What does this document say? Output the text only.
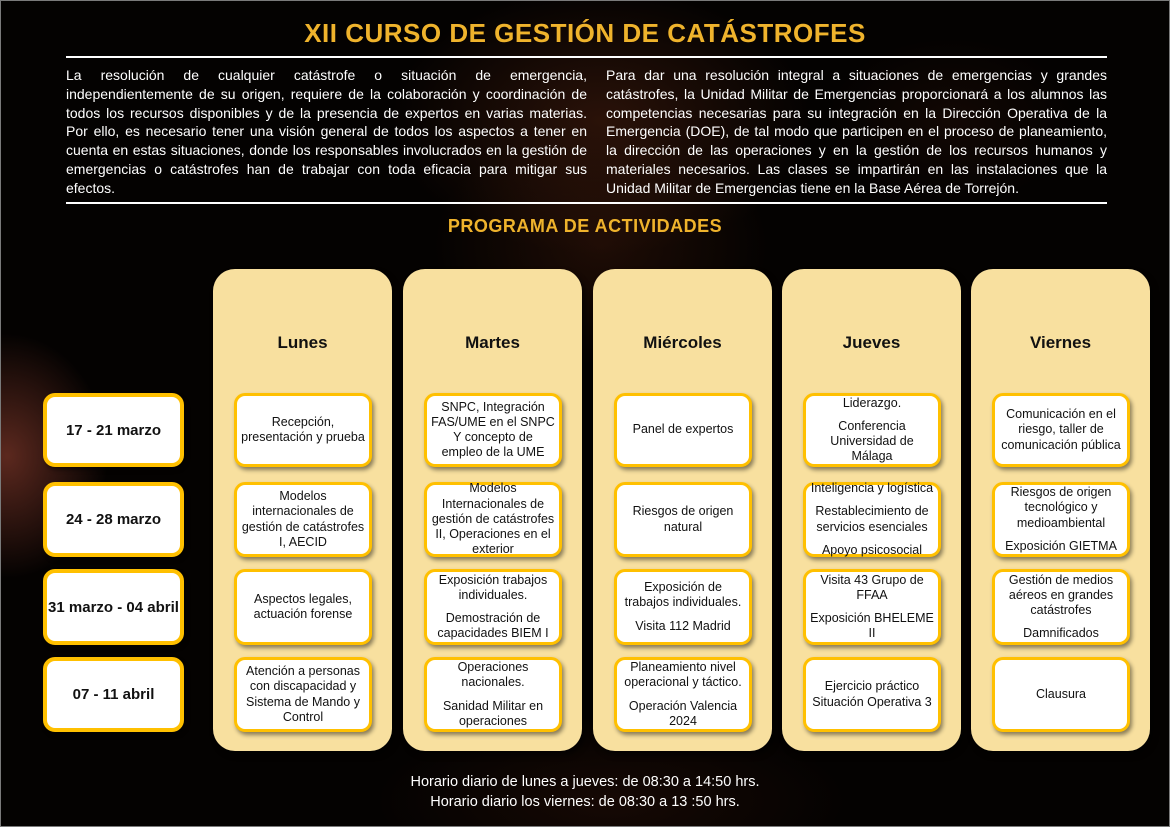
XII CURSO DE GESTIÓN DE CATÁSTROFES
La resolución de cualquier catástrofe o situación de emergencia, independientemente de su origen, requiere de la colaboración y coordinación de todos los recursos disponibles y de la presencia de expertos en varias materias. Por ello, es necesario tener una visión general de todos los aspectos a tener en cuenta en estas situaciones, donde los responsables involucrados en la gestión de emergencias o catástrofes han de trabajar con toda eficacia para mitigar sus efectos.
Para dar una resolución integral a situaciones de emergencias y grandes catástrofes, la Unidad Militar de Emergencias proporcionará a los alumnos las competencias necesarias para su integración en la Dirección Operativa de la Emergencia (DOE), de tal modo que participen en el proceso de planeamiento, la dirección de las operaciones y en la gestión de los recursos humanos y materiales necesarios. Las clases se impartirán en las instalaciones que la Unidad Militar de Emergencias tiene en la Base Aérea de Torrejón.
PROGRAMA DE ACTIVIDADES
Horario diario de lunes a jueves: de 08:30 a 14:50 hrs.
Horario diario los viernes: de 08:30 a 13 :50 hrs.
17 - 21 marzo
24 - 28 marzo
31 marzo - 04 abril
07 - 11 abril
Lunes

Recepción, presentación y prueba

Modelos internacionales de gestión de catástrofes I, AECID

Aspectos legales, actuación forense

Atención a personas con discapacidad y Sistema de Mando y Control

Martes

SNPC, Integración FAS/UME en el SNPC Y concepto de empleo de la UME

Modelos Internacionales de gestión de catástrofes II, Operaciones en el exterior

Exposición trabajos individuales.

Demostración de capacidades BIEM I

Operaciones nacionales.

Sanidad Militar en operaciones

Miércoles

Panel de expertos

Riesgos de origen natural

Exposición de trabajos individuales.

Visita 112 Madrid

Planeamiento nivel operacional y táctico.

Operación Valencia 2024

Jueves

Liderazgo.

Conferencia Universidad de Málaga

Inteligencia y logística

Restablecimiento de servicios esenciales

Apoyo psicosocial

Visita 43 Grupo de FFAA

Exposición BHELEME II

Ejercicio práctico Situación Operativa 3

Viernes

Comunicación en el riesgo, taller de comunicación pública

Riesgos de origen tecnológico y medioambiental

Exposición GIETMA

Gestión de medios aéreos en grandes catástrofes

Damnificados

Clausura
